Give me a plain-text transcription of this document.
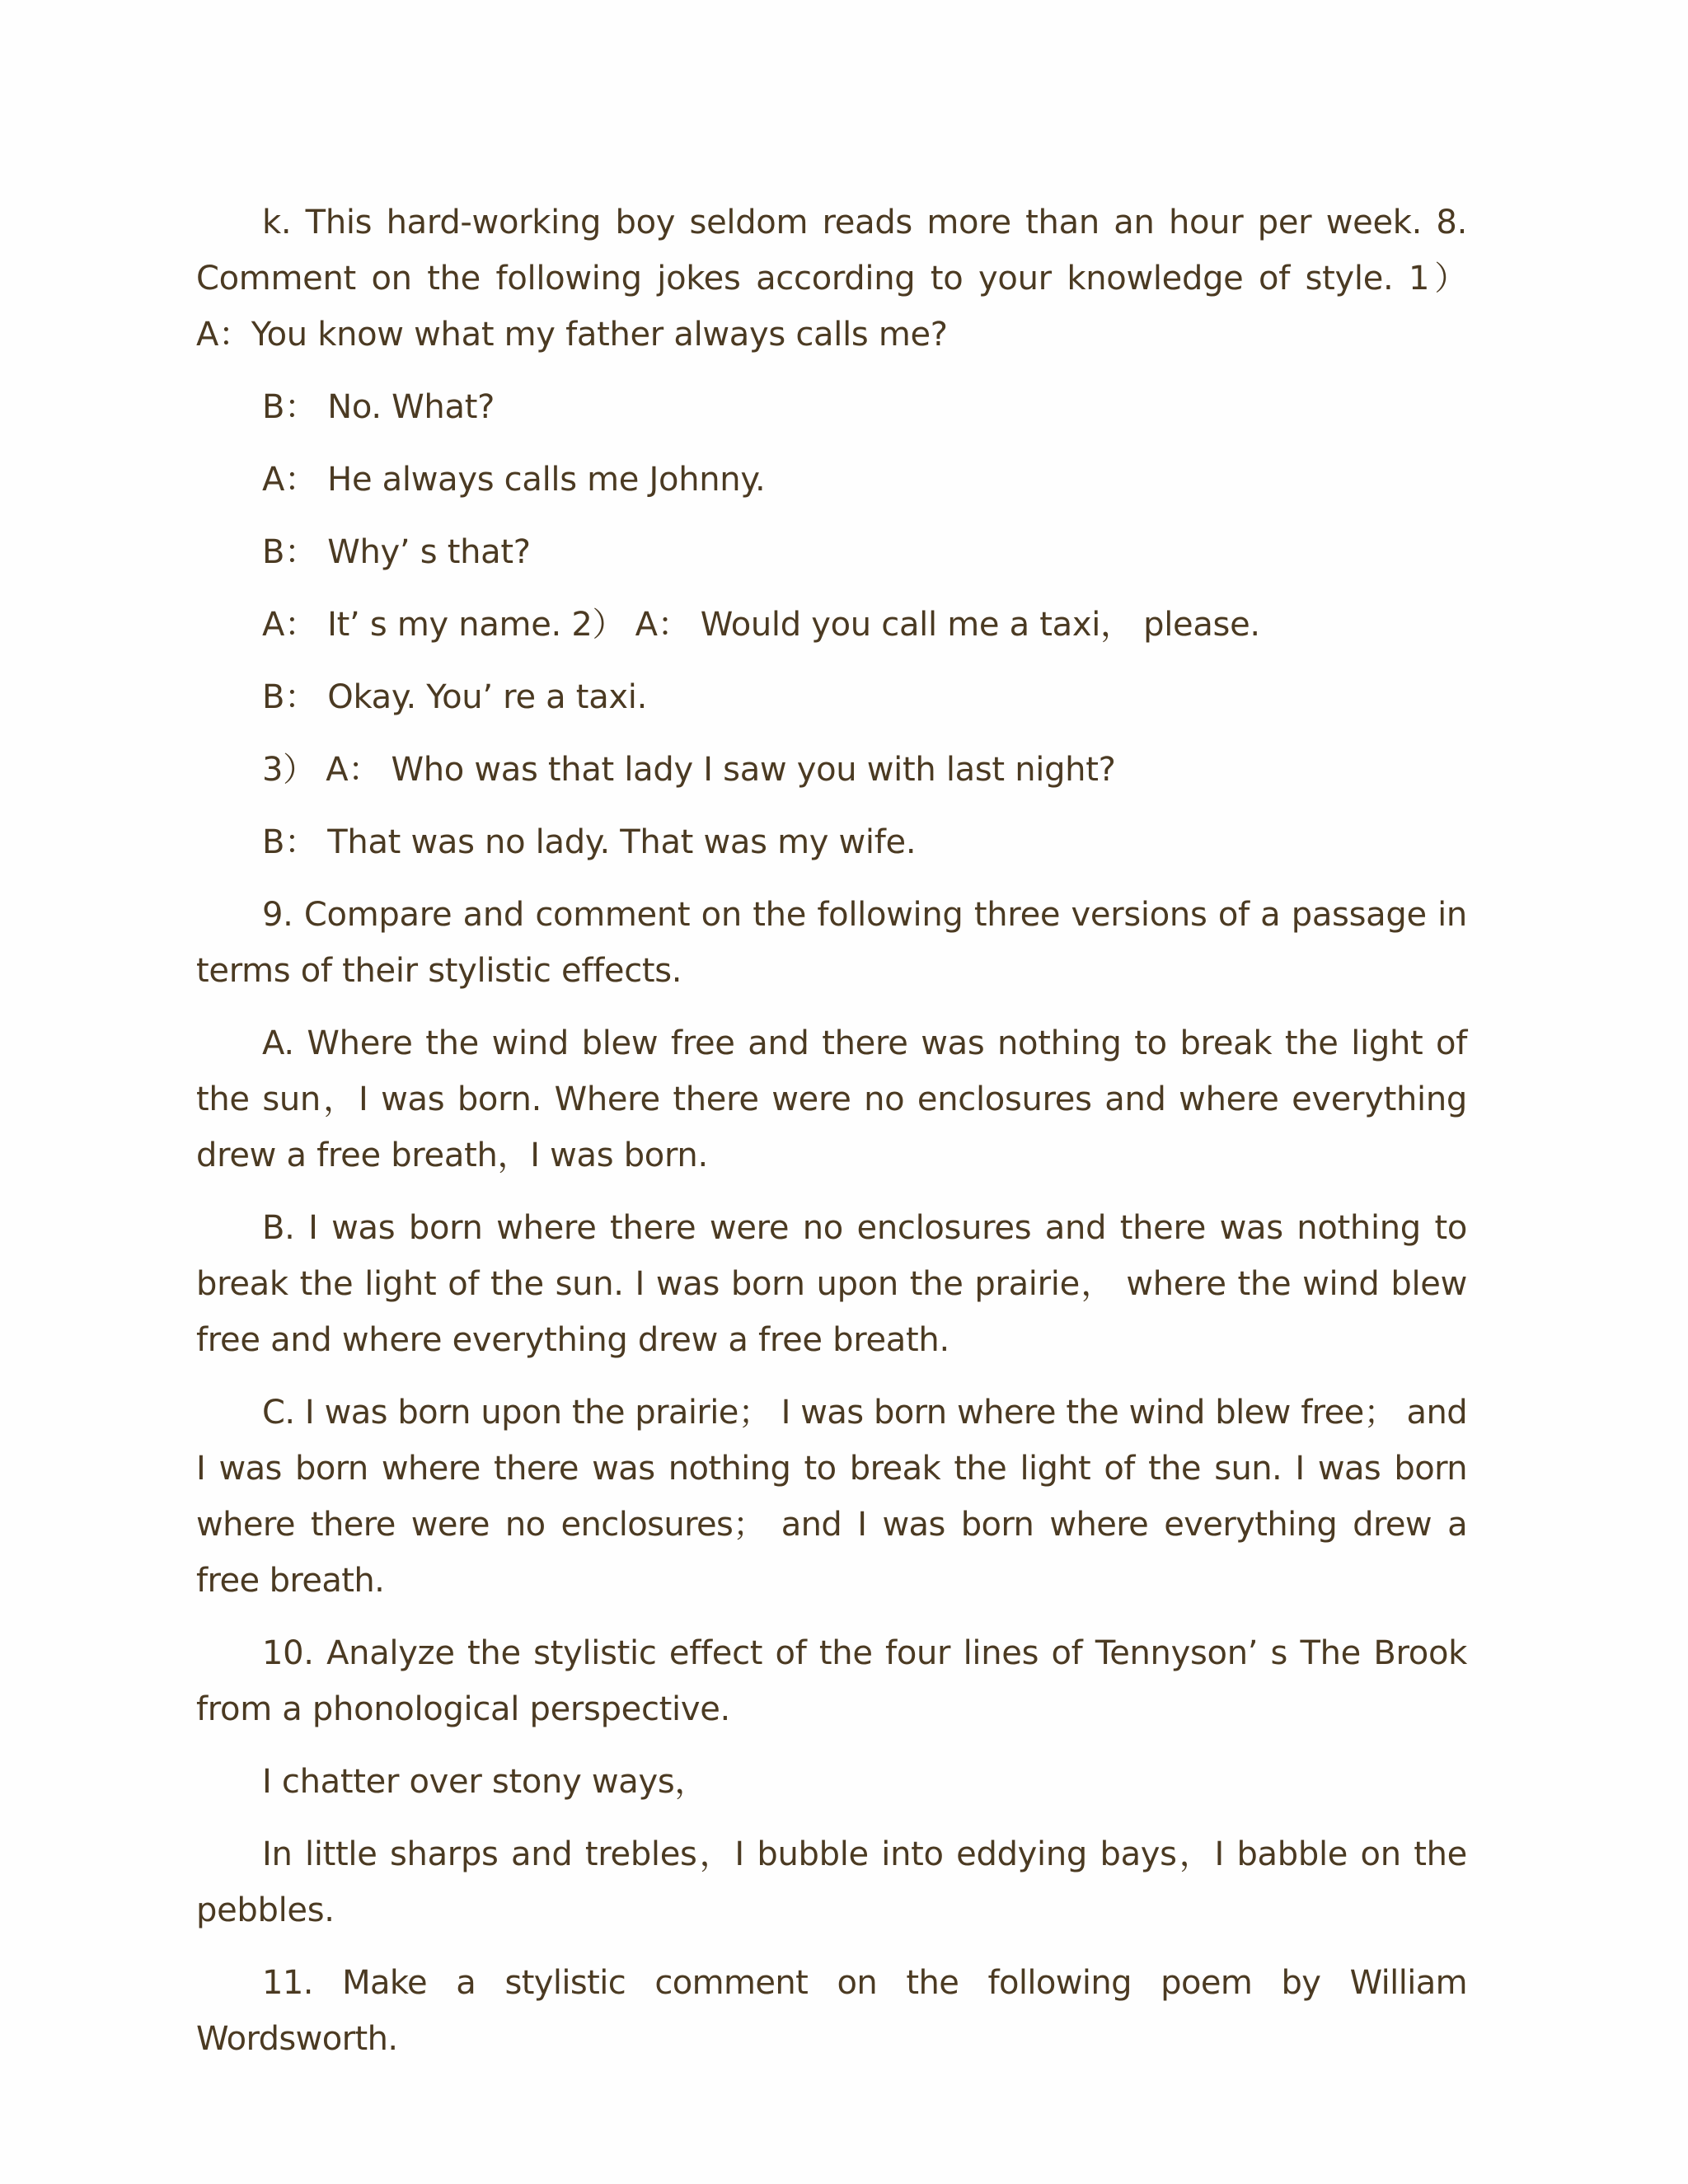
k. This hard-working boy seldom reads more than an hour per week. 8. Comment on the following jokes according to your knowledge of style. 1） A：You know what my father always calls me?

B： No. What?

A： He always calls me Johnny.

B： Why’ s that?

A： It’ s my name. 2） A： Would you call me a taxi， please.

B： Okay. You’ re a taxi.

3） A： Who was that lady I saw you with last night?

B： That was no lady. That was my wife.

9. Compare and comment on the following three versions of a passage in terms of their stylistic effects.

A. Where the wind blew free and there was nothing to break the light of the sun，I was born. Where there were no enclosures and where everything drew a free breath，I was born.

B. I was born where there were no enclosures and there was nothing to break the light of the sun. I was born upon the prairie， where the wind blew free and where everything drew a free breath.

C. I was born upon the prairie； I was born where the wind blew free； and I was born where there was nothing to break the light of the sun. I was born where there were no enclosures； and I was born where everything drew a free breath.

10. Analyze the stylistic effect of the four lines of Tennyson’ s The Brook from a phonological perspective.

I chatter over stony ways，

In little sharps and trebles，I bubble into eddying bays，I babble on the pebbles.

11. Make a stylistic comment on the following poem by William Wordsworth.
